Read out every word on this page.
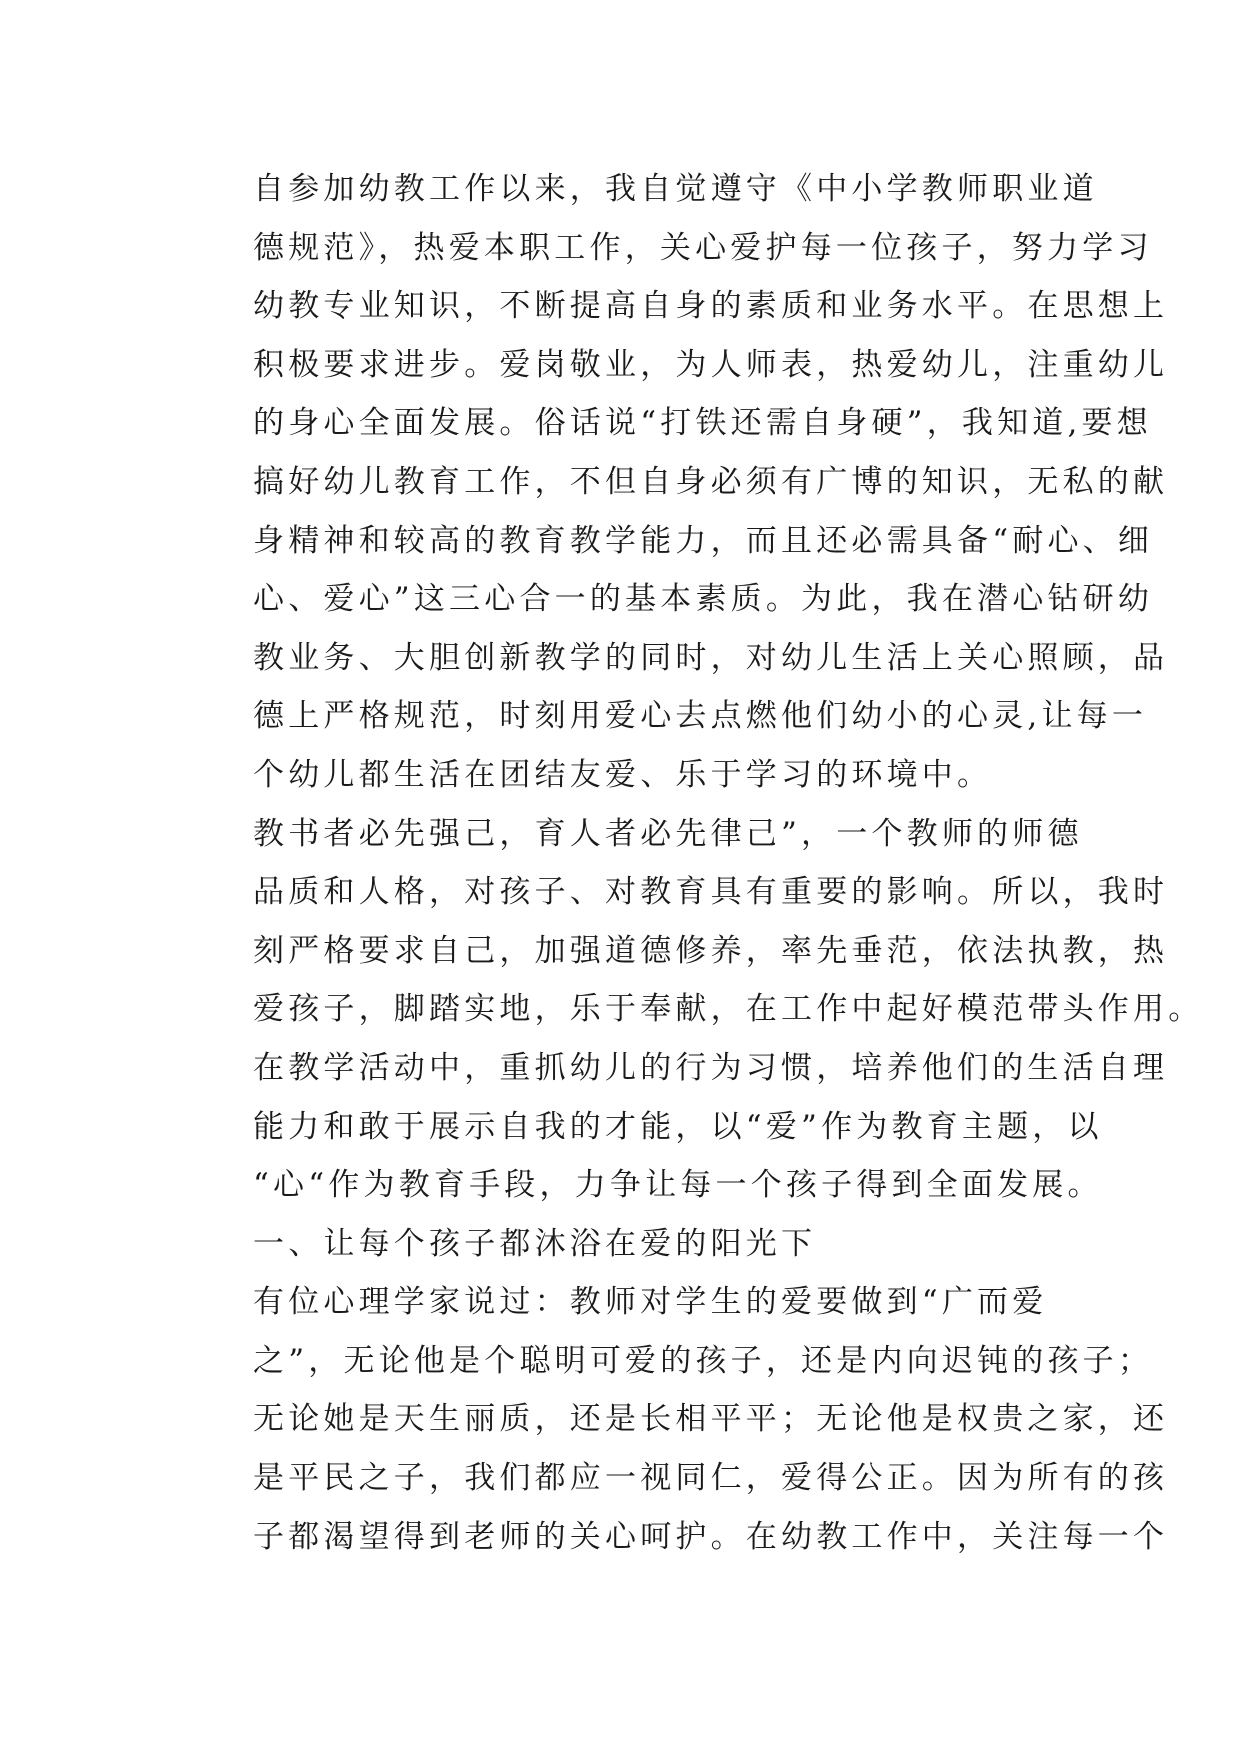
自参加幼教工作以来，我自觉遵守《中小学教师职业道
德规范》，热爱本职工作，关心爱护每一位孩子，努力学习
幼教专业知识，不断提高自身的素质和业务水平。在思想上
积极要求进步。爱岗敬业，为人师表，热爱幼儿，注重幼儿
的身心全面发展。俗话说“打铁还需自身硬”，我知道,要想
搞好幼儿教育工作，不但自身必须有广博的知识，无私的献
身精神和较高的教育教学能力，而且还必需具备“耐心、细
心、爱心”这三心合一的基本素质。为此，我在潜心钻研幼
教业务、大胆创新教学的同时，对幼儿生活上关心照顾，品
德上严格规范，时刻用爱心去点燃他们幼小的心灵,让每一
个幼儿都生活在团结友爱、乐于学习的环境中。
教书者必先强己，育人者必先律己”，一个教师的师德
品质和人格，对孩子、对教育具有重要的影响。所以，我时
刻严格要求自己，加强道德修养，率先垂范，依法执教，热
爱孩子，脚踏实地，乐于奉献，在工作中起好模范带头作用。
在教学活动中，重抓幼儿的行为习惯，培养他们的生活自理
能力和敢于展示自我的才能，以“爱”作为教育主题，以
“心“作为教育手段，力争让每一个孩子得到全面发展。
一、让每个孩子都沐浴在爱的阳光下
有位心理学家说过：教师对学生的爱要做到“广而爱
之”，无论他是个聪明可爱的孩子，还是内向迟钝的孩子；
无论她是天生丽质，还是长相平平；无论他是权贵之家，还
是平民之子，我们都应一视同仁，爱得公正。因为所有的孩
子都渴望得到老师的关心呵护。在幼教工作中，关注每一个
